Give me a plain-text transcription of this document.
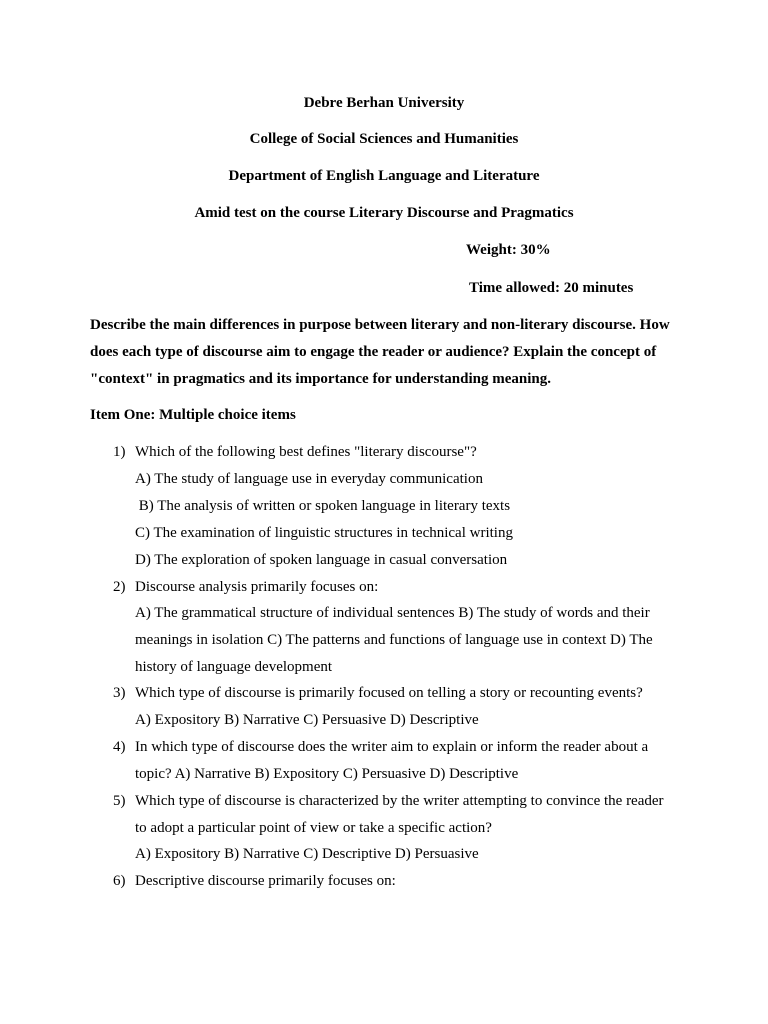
Debre Berhan University
College of Social Sciences and Humanities
Department of English Language and Literature
Amid test on the course Literary Discourse and Pragmatics
Weight: 30%
Time allowed: 20 minutes
Describe the main differences in purpose between literary and non-literary discourse. How
does each type of discourse aim to engage the reader or audience? Explain the concept of
"context" in pragmatics and its importance for understanding meaning.
Item One: Multiple choice items
1) Which of the following best defines "literary discourse"?
A) The study of language use in everyday communication
B) The analysis of written or spoken language in literary texts
C) The examination of linguistic structures in technical writing
D) The exploration of spoken language in casual conversation
2) Discourse analysis primarily focuses on:
A) The grammatical structure of individual sentences B) The study of words and their
meanings in isolation C) The patterns and functions of language use in context D) The
history of language development
3) Which type of discourse is primarily focused on telling a story or recounting events?
A) Expository B) Narrative C) Persuasive D) Descriptive
4) In which type of discourse does the writer aim to explain or inform the reader about a
topic? A) Narrative B) Expository C) Persuasive D) Descriptive
5) Which type of discourse is characterized by the writer attempting to convince the reader
to adopt a particular point of view or take a specific action?
A) Expository B) Narrative C) Descriptive D) Persuasive
6) Descriptive discourse primarily focuses on:
